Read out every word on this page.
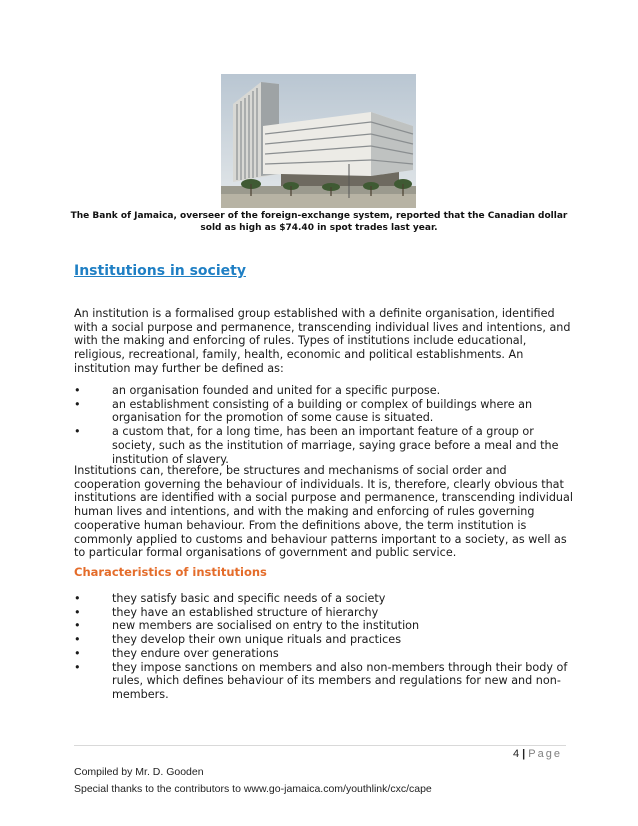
The Bank of Jamaica, overseer of the foreign-exchange system, reported that the Canadian dollar sold as high as $74.40 in spot trades last year.
Institutions in society

An institution is a formalised group established with a definite organisation, identified with a social purpose and permanence, transcending individual lives and intentions, and with the making and enforcing of rules. Types of institutions include educational, religious, recreational, family, health, economic and political establishments. An institution may further be defined as:

•	an organisation founded and united for a specific purpose.
•	an establishment consisting of a building or complex of buildings where an organisation for the promotion of some cause is situated.
•	a custom that, for a long time, has been an important feature of a group or society, such as the institution of marriage, saying grace before a meal and the institution of slavery.

Institutions can, therefore, be structures and mechanisms of social order and cooperation governing the behaviour of individuals. It is, therefore, clearly obvious that institutions are identified with a social purpose and permanence, transcending individual human lives and intentions, and with the making and enforcing of rules governing cooperative human behaviour. From the definitions above, the term institution is commonly applied to customs and behaviour patterns important to a society, as well as to particular formal organisations of government and public service.

Characteristics of institutions
•	they satisfy basic and specific needs of a society
•	they have an established structure of hierarchy
•	new members are socialised on entry to the institution
•	they develop their own unique rituals and practices
•	they endure over generations
•	they impose sanctions on members and also non-members through their body of rules, which defines behaviour of its members and regulations for new and non-members.
4 | Page
Compiled by Mr. D. Gooden
Special thanks to the contributors to www.go-jamaica.com/youthlink/cxc/cape
